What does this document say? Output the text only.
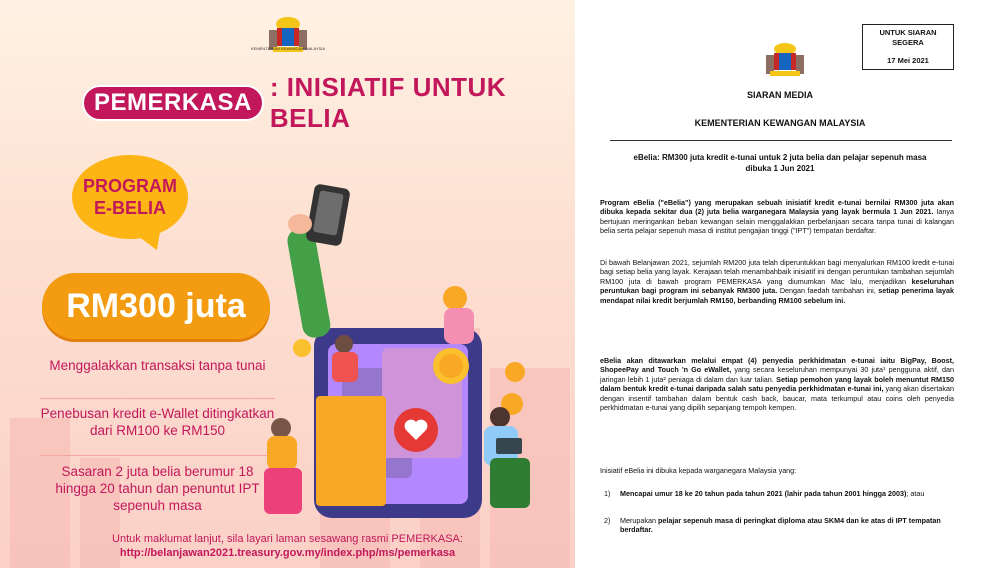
KEMENTERIAN KEWANGAN MALAYSIA
PEMERKASA
: INISIATIF UNTUK BELIA
PROGRAM
E-BELIA
RM300 juta
Menggalakkan transaksi tanpa tunai
Penebusan kredit e-Wallet ditingkatkan dari RM100 ke RM150
Sasaran 2 juta belia berumur 18 hingga 20 tahun dan penuntut IPT sepenuh masa
Untuk maklumat lanjut, sila layari laman sesawang rasmi PEMERKASA:
http://belanjawan2021.treasury.gov.my/index.php/ms/pemerkasa
UNTUK SIARAN
SEGERA
17 Mei 2021
SIARAN MEDIA
KEMENTERIAN KEWANGAN MALAYSIA
eBelia: RM300 juta kredit e-tunai untuk 2 juta belia dan pelajar sepenuh masa dibuka 1 Jun 2021
Program eBelia ("eBelia") yang merupakan sebuah inisiatif kredit e-tunai bernilai RM300 juta akan dibuka kepada sekitar dua (2) juta belia warganegara Malaysia yang layak bermula 1 Jun 2021. Ianya bertujuan meringankan beban kewangan selain menggalakkan perbelanjaan secara tanpa tunai di kalangan belia serta pelajar sepenuh masa di institut pengajian tinggi ("IPT") tempatan berdaftar.
Di bawah Belanjawan 2021, sejumlah RM200 juta telah diperuntukkan bagi menyalurkan RM100 kredit e-tunai bagi setiap belia yang layak. Kerajaan telah menambahbaik inisiatif ini dengan peruntukan tambahan sejumlah RM100 juta di bawah program PEMERKASA yang diumumkan Mac lalu, menjadikan keseluruhan peruntukan bagi program ini sebanyak RM300 juta. Dengan faedah tambahan ini, setiap penerima layak mendapat nilai kredit berjumlah RM150, berbanding RM100 sebelum ini.
eBelia akan ditawarkan melalui empat (4) penyedia perkhidmatan e-tunai iaitu BigPay, Boost, ShopeePay and Touch 'n Go eWallet, yang secara keseluruhan mempunyai 30 juta¹ pengguna aktif, dan jaringan lebih 1 juta² peniaga di dalam dan luar talian. Setiap pemohon yang layak boleh menuntut RM150 dalam bentuk kredit e-tunai daripada salah satu penyedia perkhidmatan e-tunai ini, yang akan disertakan dengan insentif tambahan dalam bentuk cash back, baucar, mata terkumpul atau coins oleh penyedia perkhidmatan e-tunai yang dipilih sepanjang tempoh kempen.
Inisiatif eBelia ini dibuka kepada warganegara Malaysia yang:
1) Mencapai umur 18 ke 20 tahun pada tahun 2021 (lahir pada tahun 2001 hingga 2003); atau
2) Merupakan pelajar sepenuh masa di peringkat diploma atau SKM4 dan ke atas di IPT tempatan berdaftar.
